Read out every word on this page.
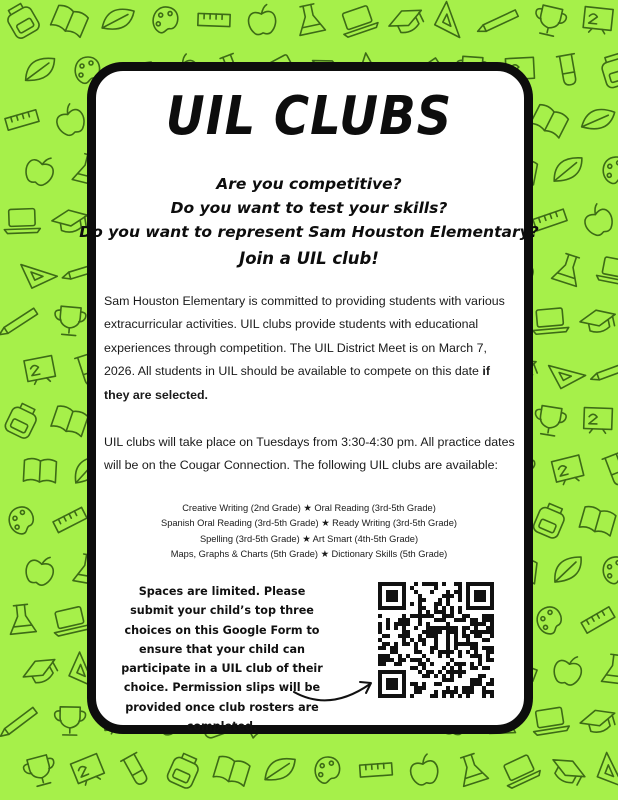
UIL CLUBS

Are you competitive?

Do you want to test your skills?

Do you want to represent Sam Houston Elementary?

Join a UIL club!

Sam Houston Elementary is committed to providing students with various extracurricular activities. UIL clubs provide students with educational experiences through competition. The UIL District Meet is on March 7, 2026. All students in UIL should be available to compete on this date if they are selected.

UIL clubs will take place on Tuesdays from 3:30-4:30 pm. All practice dates will be on the Cougar Connection. The following UIL clubs are available:

Creative Writing (2nd Grade) ★ Oral Reading (3rd-5th Grade)

Spanish Oral Reading (3rd-5th Grade) ★ Ready Writing (3rd-5th Grade)

Spelling (3rd-5th Grade) ★ Art Smart (4th-5th Grade)

Maps, Graphs & Charts (5th Grade) ★ Dictionary Skills (5th Grade)

Spaces are limited. Please submit your child’s top three choices on this Google Form to ensure that your child can participate in a UIL club of their choice. Permission slips will be provided once club rosters are completed.
